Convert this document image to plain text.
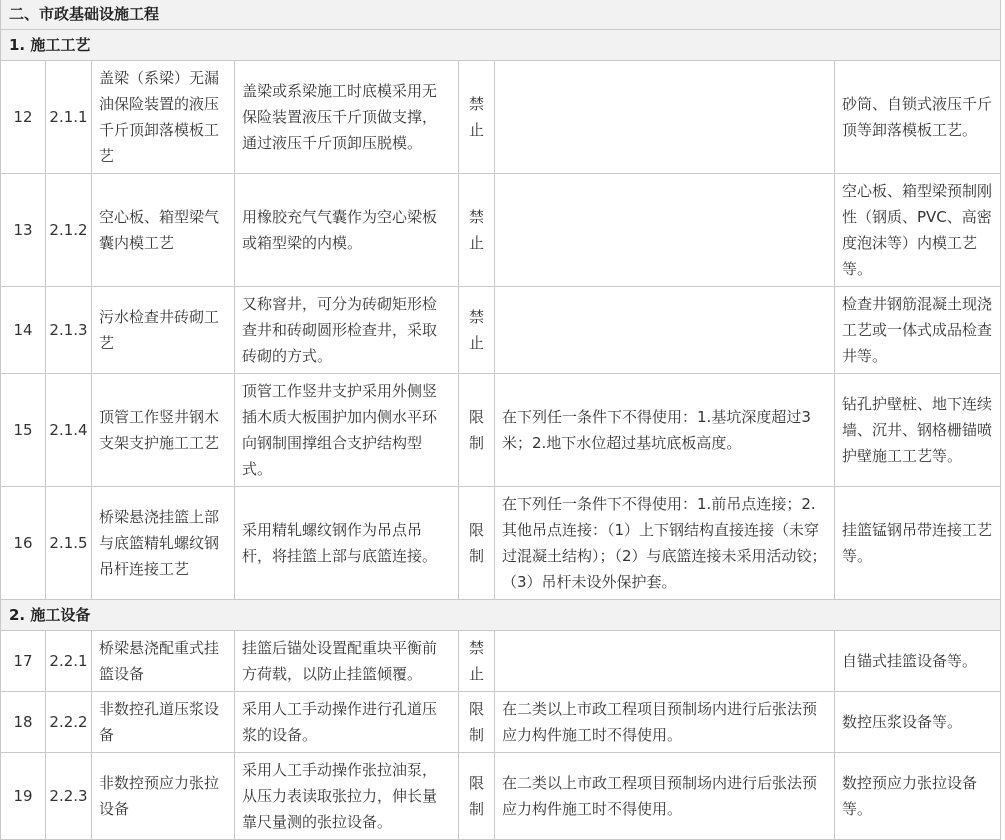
二、市政基础设施工程						
1. 施工工艺						
12	2.1.1	盖梁（系梁）无漏油保险装置的液压千斤顶卸落模板工艺	盖梁或系梁施工时底模采用无保险装置液压千斤顶做支撑，通过液压千斤顶卸压脱模。	禁止		砂筒、自锁式液压千斤顶等卸落模板工艺。
13	2.1.2	空心板、箱型梁气囊内模工艺	用橡胶充气气囊作为空心梁板或箱型梁的内模。	禁止		空心板、箱型梁预制刚性（钢质、PVC、高密度泡沫等）内模工艺等。
14	2.1.3	污水检查井砖砌工艺	又称窨井，可分为砖砌矩形检查井和砖砌圆形检查井，采取砖砌的方式。	禁止		检查井钢筋混凝土现浇工艺或一体式成品检查井等。
15	2.1.4	顶管工作竖井钢木支架支护施工工艺	顶管工作竖井支护采用外侧竖插木质大板围护加内侧水平环向钢制围撑组合支护结构型式。	限制	在下列任一条件下不得使用：1.基坑深度超过3米；2.地下水位超过基坑底板高度。	钻孔护壁桩、地下连续墙、沉井、钢格栅锚喷护壁施工工艺等。
16	2.1.5	桥梁悬浇挂篮上部与底篮精轧螺纹钢吊杆连接工艺	采用精轧螺纹钢作为吊点吊杆，将挂篮上部与底篮连接。	限制	在下列任一条件下不得使用：1.前吊点连接；2.其他吊点连接：（1）上下钢结构直接连接（未穿过混凝土结构）；（2）与底篮连接未采用活动铰；（3）吊杆未设外保护套。	挂篮锰钢吊带连接工艺等。
2. 施工设备						
17	2.2.1	桥梁悬浇配重式挂篮设备	挂篮后锚处设置配重块平衡前方荷载，以防止挂篮倾覆。	禁止		自锚式挂篮设备等。
18	2.2.2	非数控孔道压浆设备	采用人工手动操作进行孔道压浆的设备。	限制	在二类以上市政工程项目预制场内进行后张法预应力构件施工时不得使用。	数控压浆设备等。
19	2.2.3	非数控预应力张拉设备	采用人工手动操作张拉油泵，从压力表读取张拉力，伸长量靠尺量测的张拉设备。	限制	在二类以上市政工程项目预制场内进行后张法预应力构件施工时不得使用。	数控预应力张拉设备等。
